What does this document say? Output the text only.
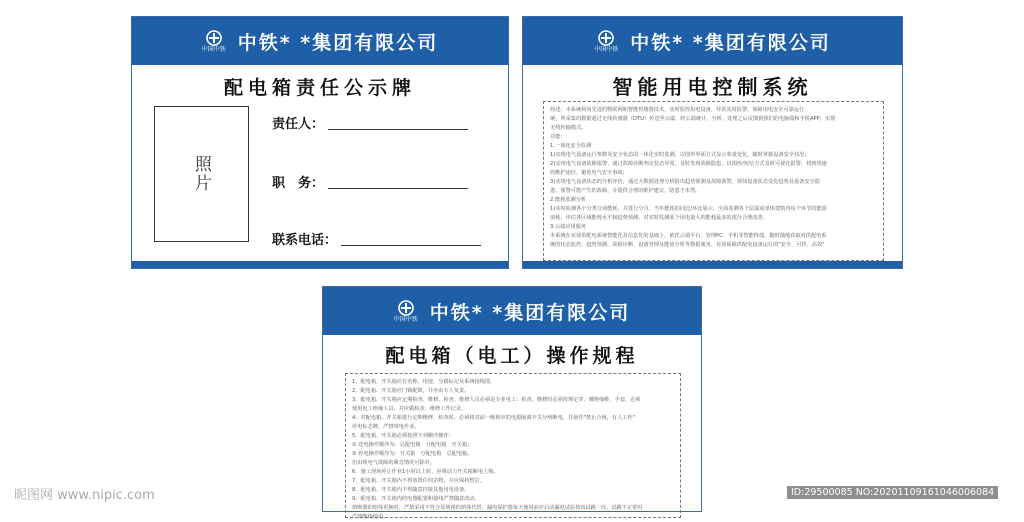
中国中铁 中铁* *集团有限公司
配电箱责任公示牌
照片
责任人：
职　务：
联系电话：
中国中铁 中铁* *集团有限公司
智能用电控制系统
简述：本系统利用先进的物联网和智能传感器技术，实时监控用电设备，异常及时报警，保障用电安全可靠运行
统，所采集的数据通过无线传感器（DTU）传送至云端，经云端统计、分析、处理之后反馈到我们的电脑端和手机APP，实现
无线传输模式。
功能：
1.一体化安全监测
1)实现电气设备运行参数及安全状态的一体化实时监测，以图形界面方式显示参量变化，随时掌握设备安全状况；
2)实现电气设备故障报警，通过故障诊断判定状态异常，及时发现故障隐患，以图形/短信方式及时可视化报警，找到快速
的维护途径，避免电气安全事故；
3)实现电气设备状态的分析评价，通过大数据处理分析报出趋势预测及故障预警，预知设备状态变化趋势及设备安全隐
患，预警可能产生的故障，并提供合理的维护建议，防患于未然。
2.能耗监测分析
1)实时监测各个分类分项能耗，并进行分月、当年能耗的同比/环比展示，全面监测各个层面或单体建筑内每个环节的能源
消耗，评估各区域能耗水平和趋势预测，对实时监测某个用电量大的能耗最多的部分合理改善。
3.云端应用服务
本系统在实现供配电系统智能化及信息化的基础上，依托云端平台、管理PC、手机等智能终端，随时随地获取对供配电系
统的状态监控、趋势预测、故障诊断、设备管理及能效分析等数据服务，有效保障供配电设备运行的"安全、可控、高效"
中国中铁 中铁* *集团有限公司
配电箱（电工）操作规程
1、配电箱、开关箱应有名称、用途、分路标记及系统接线图。
2、配电箱、开关箱应门锁配锁，并应由专人负责。
3、配电箱、开关箱应定期检查、维修。检查、维修人员必须是专业电工；检查、维修时必须按规定穿、戴绝缘鞋、手套，必须
使用电工绝缘工具，并应做检查、维修工作记录。
4、对配电箱、开关箱进行定期维修、检查时，必须将其前一级相应的电源隔离开关分闸断电，并悬挂"禁止合闸，有人工作"
停电标志牌，严禁带电作业。
5、配电箱、开关箱必须按照下列顺序操作：
① 送电操作顺序为：总配电箱　分配电箱　开关箱；
② 停电操作顺序为：开关箱　分配电箱　总配电箱。
但出现电气故障的紧急情况可除外。
6、施工现场停止作业1小时以上时，应将动力开关箱断电上锁。
7、配电箱、开关箱内不得放置任何杂物，并应保持整洁。
8、配电箱、开关箱内不得随意挂接其他用电设备。
9、配电箱、开关箱内的电器配置和接线严禁随意改动。
熔断器的熔体更换时，严禁采用不符合原规格的熔体代替，漏电保护器每天使用前应启动漏电试验按钮试跳一次，试跳不正常时
严禁继续使用。
昵图网 www.nipic.com	ID:29500085 NO:20201109161046006084
